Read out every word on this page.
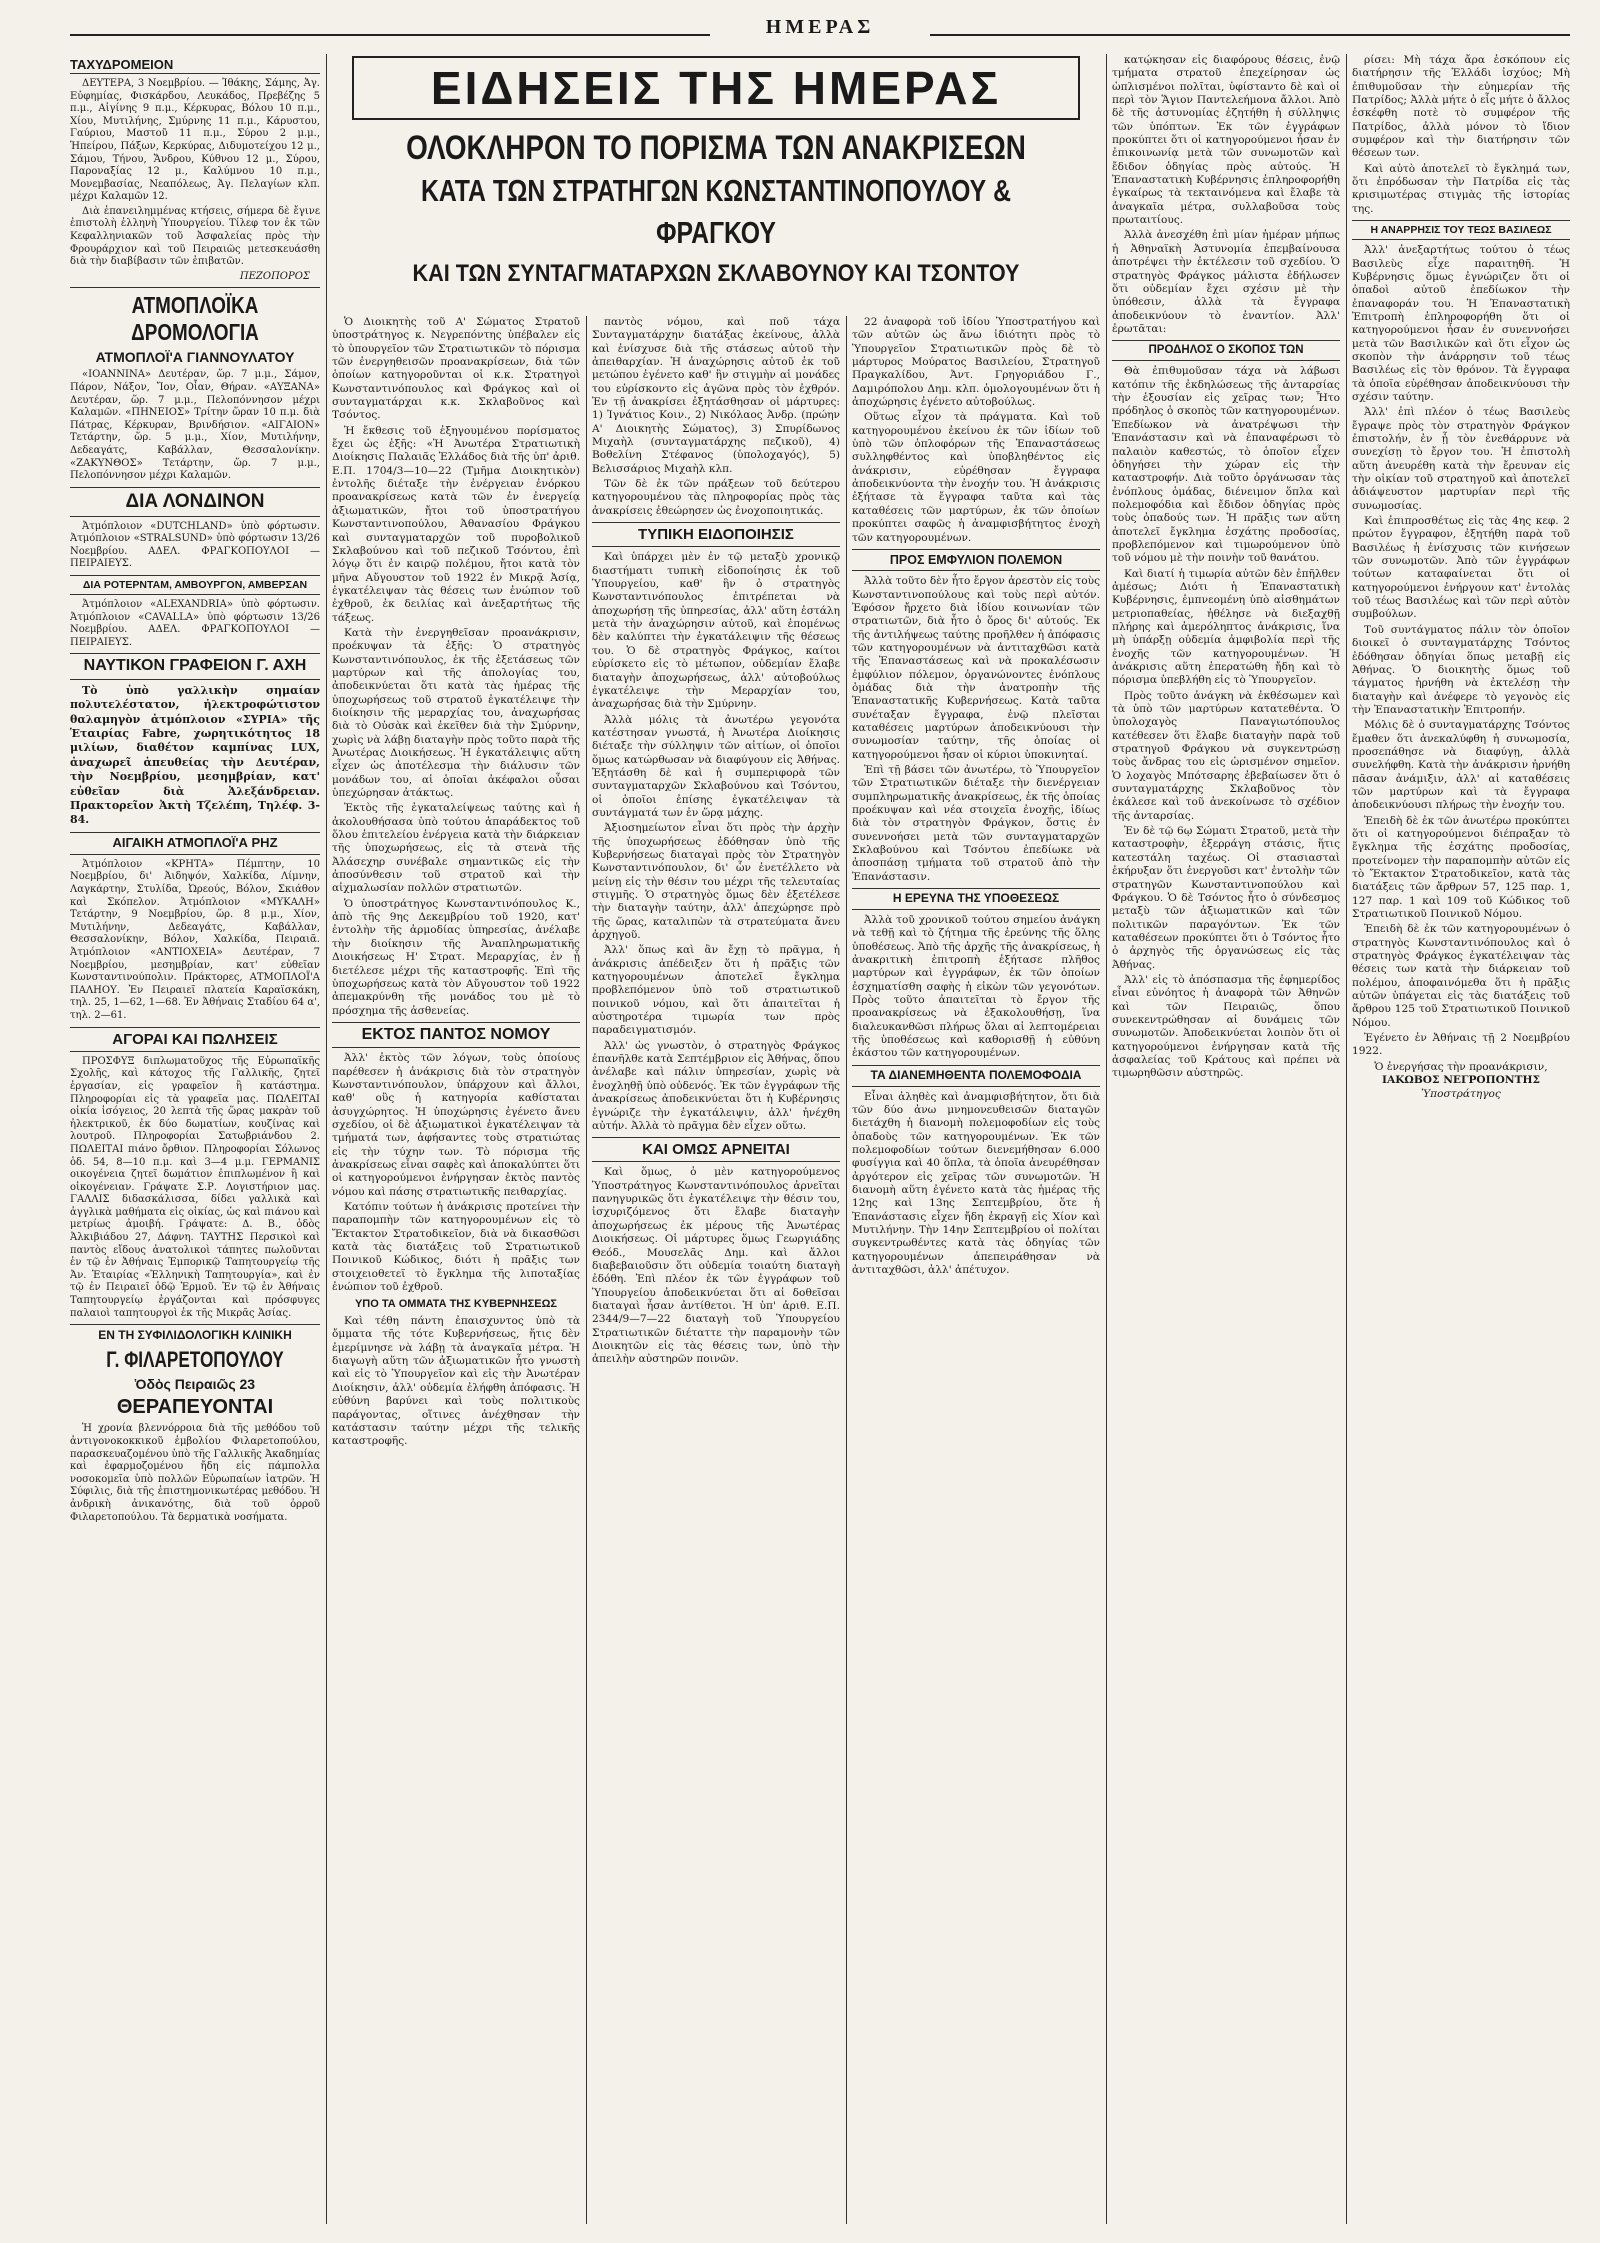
ΗΜΕΡΑΣ
ΤΑΧΥΔΡΟΜΕΙΟΝ

ΔΕΥΤΕΡΑ, 3 Νοεμβρίου. — Ἰθάκης, Σάμης, Ἀγ. Εὐφημίας, Φισκάρδου, Λευκάδος, Πρεβέζης 5 π.μ., Αἰγίνης 9 π.μ., Κέρκυρας, Βόλου 10 π.μ., Χίου, Μυτιλήνης, Σμύρνης 11 π.μ., Κάρυστου, Γαύριου, Μαστοῦ 11 π.μ., Σύρου 2 μ.μ., Ἠπείρου, Πάξων, Κερκύρας, Διδυμοτείχου 12 μ., Σάμου, Τήνου, Ἄνδρου, Κύθνου 12 μ., Σύρου, Παροναξίας 12 μ., Καλύμνου 10 π.μ., Μονεμβασίας, Νεαπόλεως, Ἀγ. Πελαγίων κλπ. μέχρι Καλαμῶν 12.

Διὰ ἐπανειλημμένας κτήσεις, σήμερα δὲ ἔγινε ἐπιστολὴ ἑλληνὴ Ὑπουργείου. Τίλεφ τον ἐκ τῶν Κεφαλληνιακῶν τοῦ Ἀσφαλείας πρὸς τὴν Φρουράρχιον καὶ τοῦ Πειραιῶς μετεσκευάσθη διὰ τὴν διαβίβασιν τῶν ἐπιβατῶν.

ΠΕΖΟΠΟΡΟΣ
ΑΤΜΟΠΛΟΪΚΑ ΔΡΟΜΟΛΟΓΙΑ
ΑΤΜΟΠΛΟΪ'Α ΓΙΑΝΝΟΥΛΑΤΟΥ

«ΙΟΑΝΝΙΝΑ» Δευτέραν, ὥρ. 7 μ.μ., Σάμον, Πάρον, Νάξον, Ἴον, Οἶαν, Θήραν. «ΑΥΞΑΝΑ» Δευτέραν, ὥρ. 7 μ.μ., Πελοπόννησον μέχρι Καλαμῶν. «ΠΗΝΕΙΟΣ» Τρίτην ὥραν 10 π.μ. διὰ Πάτρας, Κέρκυραν, Βρινδήσιον. «ΑΙΓΑΙΟΝ» Τετάρτην, ὥρ. 5 μ.μ., Χίον, Μυτιλήνην, Δεδεαγάτς, Καβάλλαν, Θεσσαλονίκην. «ΖΑΚΥΝΘΟΣ» Τετάρτην, ὥρ. 7 μ.μ., Πελοπόννησον μέχρι Καλαμῶν.

ΔΙΑ ΛΟΝΔΙΝΟΝ

Ἀτμόπλοιον «DUTCHLAND» ὑπὸ φόρτωσιν. Ἀτμόπλοιον «STRALSUND» ὑπὸ φόρτωσιν 13/26 Νοεμβρίου. ΑΔΕΛ. ΦΡΑΓΚΟΠΟΥΛΟΙ — ΠΕΙΡΑΙΕΥΣ.

ΔΙΑ ΡΟΤΕΡΝΤΑΜ, ΑΜΒΟΥΡΓΟΝ, ΑΜΒΕΡΣΑΝ

Ἀτμόπλοιον «ALEXANDRIA» ὑπὸ φόρτωσιν. Ἀτμόπλοιον «CAVALLA» ὑπὸ φόρτωσιν 13/26 Νοεμβρίου. ΑΔΕΛ. ΦΡΑΓΚΟΠΟΥΛΟΙ — ΠΕΙΡΑΙΕΥΣ.

ΝΑΥΤΙΚΟΝ ΓΡΑΦΕΙΟΝ Γ. ΑΧΗ

Τὸ ὑπὸ γαλλικὴν σημαίαν πολυτελέστατον, ἠλεκτροφώτιστον θαλαμηγὸν ἀτμόπλοιον «ΣΥΡΙΑ» τῆς Ἑταιρίας Fabre, χωρητικότητος 18 μιλίων, διαθέτον καμπίνας LUX, ἀναχωρεῖ ἀπευθείας τὴν Δευτέραν, τὴν Νοεμβρίου, μεσημβρίαν, κατ' εὐθεῖαν διὰ Ἀλεξάνδρειαν. Πρακτορεῖον Ἀκτὴ Τζελέπη, Τηλέφ. 3-84.

ΑΙΓΑΙΚΗ ΑΤΜΟΠΛΟΪ'Α ΡΗΖ

Ἀτμόπλοιον «ΚΡΗΤΑ» Πέμπτην, 10 Νοεμβρίου, δι' Ἀιδηψόν, Χαλκίδα, Λίμνην, Λαγκάρτην, Στυλίδα, Ὠρεούς, Βόλον, Σκιάθον καὶ Σκόπελον. Ἀτμόπλοιον «ΜΥΚΑΛΗ» Τετάρτην, 9 Νοεμβρίου, ὥρ. 8 μ.μ., Χίον, Μυτιλήνην, Δεδεαγάτς, Καβάλλαν, Θεσσαλονίκην, Βόλον, Χαλκίδα, Πειραιᾶ. Ἀτμόπλοιον «ΑΝΤΙΟΧΕΙΑ» Δευτέραν, 7 Νοεμβρίου, μεσημβρίαν, κατ' εὐθεῖαν Κωνσταντινούπολιν. Πράκτορες, ΑΤΜΟΠΛΟΪ'Α ΠΑΛΗΟΥ. Ἐν Πειραιεῖ πλατεία Καραϊσκάκη, τηλ. 25, 1—62, 1—68. Ἐν Ἀθήναις Σταδίου 64 α', τηλ. 2—61.

ΑΓΟΡΑΙ ΚΑΙ ΠΩΛΗΣΕΙΣ

ΠΡΟΣΦΥΞ διπλωματοῦχος τῆς Εὐρωπαϊκῆς Σχολῆς, καὶ κάτοχος τῆς Γαλλικῆς, ζητεῖ ἐργασίαν, εἰς γραφεῖον ἢ κατάστημα. Πληροφορίαι εἰς τὰ γραφεῖα μας. ΠΩΛΕΙΤΑΙ οἰκία ἰσόγειος, 20 λεπτὰ τῆς ὥρας μακρὰν τοῦ ἠλεκτρικοῦ, ἐκ δύο δωματίων, κουζίνας καὶ λουτροῦ. Πληροφορίαι Σατωβριάνδου 2. ΠΩΛΕΙΤΑΙ πιάνο ὄρθιον. Πληροφορίαι Σόλωνος ὁδ. 54, 8—10 π.μ. καὶ 3—4 μ.μ. ΓΕΡΜΑΝΙΣ οικογένεια ζητεῖ δωμάτιον ἐπιπλωμένον ἢ καὶ οἰκογένειαν. Γράψατε Σ.Ρ. Λογιστήριον μας. ΓΑΛΛΙΣ διδασκάλισσα, δίδει γαλλικὰ καὶ ἀγγλικὰ μαθήματα εἰς οἰκίας, ὡς καὶ πιάνου καὶ μετρίως ἀμοιβή. Γράψατε: Δ. Β., ὁδὸς Ἀλκιβιάδου 27, Δάφνη. ΤΑΥΤΗΣ Περσικοὶ καὶ παντὸς εἴδους ἀνατολικοὶ τάπητες πωλοῦνται ἐν τῷ ἐν Ἀθήναις Ἐμπορικῷ Ταπητουργείῳ τῆς Ἀν. Ἑταιρίας «Ἑλληνικὴ Ταπητουργία», καὶ ἐν τῷ ἐν Πειραιεῖ ὁδῷ Ἐρμοῦ. Ἐν τῷ ἐν Ἀθήναις Ταπητουργείῳ ἐργάζονται καὶ πρόσφυγες παλαιοὶ ταπητουργοὶ ἐκ τῆς Μικρᾶς Ἀσίας.

ΕΝ ΤΗ ΣΥΦΙΛΙΔΟΛΟΓΙΚΗ ΚΛΙΝΙΚΗ
Γ. ΦΙΛΑΡΕΤΟΠΟΥΛΟΥ
Ὁδὸς Πειραιῶς 23
ΘΕΡΑΠΕΥΟΝΤΑΙ

Ἡ χρονία βλεννόρροια διὰ τῆς μεθόδου τοῦ ἀντιγονοκοκκικοῦ ἐμβολίου Φιλαρετοπούλου, παρασκευαζομένου ὑπὸ τῆς Γαλλικῆς Ἀκαδημίας καὶ ἐφαρμοζομένου ἤδη εἰς πάμπολλα νοσοκομεῖα ὑπὸ πολλῶν Εὐρωπαίων ἰατρῶν. Ἡ Σύφιλις, διὰ τῆς ἐπιστημονικωτέρας μεθόδου. Ἡ ἀνδρικὴ ἀνικανότης, διὰ τοῦ ὀρροῦ Φιλαρετοπούλου. Τὰ δερματικὰ νοσήματα.

ΕΙΔΗΣΕΙΣ ΤΗΣ ΗΜΕΡΑΣ
ΟΛΟΚΛΗΡΟΝ ΤΟ ΠΟΡΙΣΜΑ ΤΩΝ ΑΝΑΚΡΙΣΕΩΝ
ΚΑΤΑ ΤΩΝ ΣΤΡΑΤΗΓΩΝ ΚΩΝΣΤΑΝΤΙΝΟΠΟΥΛΟΥ & ΦΡΑΓΚΟΥ
ΚΑΙ ΤΩΝ ΣΥΝΤΑΓΜΑΤΑΡΧΩΝ ΣΚΛΑΒΟΥΝΟΥ ΚΑΙ ΤΣΟΝΤΟΥ

Ὁ Διοικητὴς τοῦ Α' Σώματος Στρατοῦ ὑποστράτηγος κ. Νεγρεπόντης ὑπέβαλεν εἰς τὸ ὑπουργεῖον τῶν Στρατιωτικῶν τὸ πόρισμα τῶν ἐνεργηθεισῶν προανακρίσεων, διὰ τῶν ὁποίων κατηγοροῦνται οἱ κ.κ. Στρατηγοὶ Κωνσταντινόπουλος καὶ Φράγκος καὶ οἱ συνταγματάρχαι κ.κ. Σκλαβοῦνος καὶ Τσόντος.

Ἡ ἔκθεσις τοῦ ἐξηγουμένου πορίσματος ἔχει ὡς ἑξῆς: «Ἡ Ἀνωτέρα Στρατιωτικὴ Διοίκησις Παλαιᾶς Ἑλλάδος διὰ τῆς ὑπ' ἀριθ. Ε.Π. 1704/3—10—22 (Τμῆμα Διοικητικὸν) ἐντολῆς διέταξε τὴν ἐνέργειαν ἐνόρκου προανακρίσεως κατὰ τῶν ἐν ἐνεργείᾳ ἀξιωματικῶν, ἤτοι τοῦ ὑποστρατήγου Κωνσταντινοπούλου, Ἀθανασίου Φράγκου καὶ συνταγματαρχῶν τοῦ πυροβολικοῦ Σκλαβούνου καὶ τοῦ πεζικοῦ Τσόντου, ἐπὶ λόγῳ ὅτι ἐν καιρῷ πολέμου, ἤτοι κατὰ τὸν μῆνα Αὔγουστον τοῦ 1922 ἐν Μικρᾷ Ἀσίᾳ, ἐγκατέλειψαν τὰς θέσεις των ἐνώπιον τοῦ ἐχθροῦ, ἐκ δειλίας καὶ ἀνεξαρτήτως τῆς τάξεως.

Κατὰ τὴν ἐνεργηθεῖσαν προανάκρισιν, προέκυψαν τὰ ἑξῆς: Ὁ στρατηγὸς Κωνσταντινόπουλος, ἐκ τῆς ἐξετάσεως τῶν μαρτύρων καὶ τῆς ἀπολογίας του, ἀποδεικνύεται ὅτι κατὰ τὰς ἡμέρας τῆς ὑποχωρήσεως τοῦ στρατοῦ ἐγκατέλειψε τὴν διοίκησιν τῆς μεραρχίας του, ἀναχωρήσας διὰ τὸ Οὐσὰκ καὶ ἐκεῖθεν διὰ τὴν Σμύρνην, χωρὶς νὰ λάβῃ διαταγὴν πρὸς τοῦτο παρὰ τῆς Ἀνωτέρας Διοικήσεως. Ἡ ἐγκατάλειψις αὕτη εἶχεν ὡς ἀποτέλεσμα τὴν διάλυσιν τῶν μονάδων του, αἱ ὁποῖαι ἀκέφαλοι οὖσαι ὑπεχώρησαν ἀτάκτως.

Ἐκτὸς τῆς ἐγκαταλείψεως ταύτης καὶ ἡ ἀκολουθήσασα ὑπὸ τούτου ἀπαράδεκτος τοῦ ὅλου ἐπιτελείου ἐνέργεια κατὰ τὴν διάρκειαν τῆς ὑποχωρήσεως, εἰς τὰ στενὰ τῆς Ἀλάσεχηρ συνέβαλε σημαντικῶς εἰς τὴν ἀποσύνθεσιν τοῦ στρατοῦ καὶ τὴν αἰχμαλωσίαν πολλῶν στρατιωτῶν.

Ὁ ὑποστράτηγος Κωνσταντινόπουλος Κ., ἀπὸ τῆς 9ης Δεκεμβρίου τοῦ 1920, κατ' ἐντολὴν τῆς ἀρμοδίας ὑπηρεσίας, ἀνέλαβε τὴν διοίκησιν τῆς Ἀναπληρωματικῆς Διοικήσεως Η' Στρατ. Μεραρχίας, ἐν ᾗ διετέλεσε μέχρι τῆς καταστροφῆς. Ἐπὶ τῆς ὑποχωρήσεως κατὰ τὸν Αὔγουστον τοῦ 1922 ἀπεμακρύνθη τῆς μονάδος του μὲ τὸ πρόσχημα τῆς ἀσθενείας.

ΕΚΤΟΣ ΠΑΝΤΟΣ ΝΟΜΟΥ

Ἀλλ' ἐκτὸς τῶν λόγων, τοὺς ὁποίους παρέθεσεν ἡ ἀνάκρισις διὰ τὸν στρατηγὸν Κωνσταντινόπουλον, ὑπάρχουν καὶ ἄλλοι, καθ' οὓς ἡ κατηγορία καθίσταται ἀσυγχώρητος. Ἡ ὑποχώρησις ἐγένετο ἄνευ σχεδίου, οἱ δὲ ἀξιωματικοὶ ἐγκατέλειψαν τὰ τμήματά των, ἀφήσαντες τοὺς στρατιώτας εἰς τὴν τύχην των. Τὸ πόρισμα τῆς ἀνακρίσεως εἶναι σαφὲς καὶ ἀποκαλύπτει ὅτι οἱ κατηγορούμενοι ἐνήργησαν ἐκτὸς παντὸς νόμου καὶ πάσης στρατιωτικῆς πειθαρχίας.

Κατόπιν τούτων ἡ ἀνάκρισις προτείνει τὴν παραπομπὴν τῶν κατηγορουμένων εἰς τὸ Ἔκτακτον Στρατοδικεῖον, διὰ νὰ δικασθῶσι κατὰ τὰς διατάξεις τοῦ Στρατιωτικοῦ Ποινικοῦ Κώδικος, διότι ἡ πρᾶξις των στοιχειοθετεῖ τὸ ἔγκλημα τῆς λιποταξίας ἐνώπιον τοῦ ἐχθροῦ.

ΥΠΟ ΤΑ ΟΜΜΑΤΑ ΤΗΣ ΚΥΒΕΡΝΗΣΕΩΣ

Καὶ τέθη πάντη ἐπαισχυντος ὑπὸ τὰ ὄμματα τῆς τότε Κυβερνήσεως, ἥτις δὲν ἐμερίμνησε νὰ λάβῃ τὰ ἀναγκαῖα μέτρα. Ἡ διαγωγὴ αὕτη τῶν ἀξιωματικῶν ἦτο γνωστὴ καὶ εἰς τὸ Ὑπουργεῖον καὶ εἰς τὴν Ἀνωτέραν Διοίκησιν, ἀλλ' οὐδεμία ἐλήφθη ἀπόφασις. Ἡ εὐθύνη βαρύνει καὶ τοὺς πολιτικοὺς παράγοντας, οἵτινες ἀνέχθησαν τὴν κατάστασιν ταύτην μέχρι τῆς τελικῆς καταστροφῆς.

παντὸς νόμου, καὶ ποῦ τάχα Συνταγματάρχην διατάξας ἐκείνους, ἀλλὰ καὶ ἐνίσχυσε διὰ τῆς στάσεως αὐτοῦ τὴν ἀπειθαρχίαν. Ἡ ἀναχώρησις αὐτοῦ ἐκ τοῦ μετώπου ἐγένετο καθ' ἣν στιγμὴν αἱ μονάδες του εὑρίσκοντο εἰς ἀγῶνα πρὸς τὸν ἐχθρόν. Ἐν τῇ ἀνακρίσει ἐξητάσθησαν οἱ μάρτυρες: 1) Ἰγνάτιος Κοιν., 2) Νικόλαος Ἀνδρ. (πρώην Α' Διοικητὴς Σώματος), 3) Σπυρίδωνος Μιχαὴλ (συνταγματάρχης πεζικοῦ), 4) Βοθελίνη Στέφανος (ὑπολοχαγός), 5) Βελισσάριος Μιχαὴλ κλπ.

Τῶν δὲ ἐκ τῶν πράξεων τοῦ δεύτερου κατηγορουμένου τὰς πληροφορίας πρὸς τὰς ἀνακρίσεις ἐθεώρησεν ὡς ἐνοχοποιητικάς.

ΤΥΠΙΚΗ ΕΙΔΟΠΟΙΗΣΙΣ

Καὶ ὑπάρχει μὲν ἐν τῷ μεταξὺ χρονικῷ διαστήματι τυπικὴ εἰδοποίησις ἐκ τοῦ Ὑπουργείου, καθ' ἣν ὁ στρατηγὸς Κωνσταντινόπουλος ἐπιτρέπεται νὰ ἀποχωρήσῃ τῆς ὑπηρεσίας, ἀλλ' αὕτη ἐστάλη μετὰ τὴν ἀναχώρησιν αὐτοῦ, καὶ ἑπομένως δὲν καλύπτει τὴν ἐγκατάλειψιν τῆς θέσεως του. Ὁ δὲ στρατηγὸς Φράγκος, καίτοι εὑρίσκετο εἰς τὸ μέτωπον, οὐδεμίαν ἔλαβε διαταγὴν ἀποχωρήσεως, ἀλλ' αὐτοβούλως ἐγκατέλειψε τὴν Μεραρχίαν του, ἀναχωρήσας διὰ τὴν Σμύρνην.

Ἀλλὰ μόλις τὰ ἀνωτέρω γεγονότα κατέστησαν γνωστά, ἡ Ἀνωτέρα Διοίκησις διέταξε τὴν σύλληψιν τῶν αἰτίων, οἱ ὁποῖοι ὅμως κατώρθωσαν νὰ διαφύγουν εἰς Ἀθήνας. Ἐξητάσθη δὲ καὶ ἡ συμπεριφορὰ τῶν συνταγματαρχῶν Σκλαβούνου καὶ Τσόντου, οἱ ὁποῖοι ἐπίσης ἐγκατέλειψαν τὰ συντάγματά των ἐν ὥρᾳ μάχης.

Ἀξιοσημείωτον εἶναι ὅτι πρὸς τὴν ἀρχὴν τῆς ὑποχωρήσεως ἐδόθησαν ὑπὸ τῆς Κυβερνήσεως διαταγαὶ πρὸς τὸν Στρατηγὸν Κωνσταντινόπουλον, δι' ὧν ἐνετέλλετο νὰ μείνῃ εἰς τὴν θέσιν του μέχρι τῆς τελευταίας στιγμῆς. Ὁ στρατηγὸς ὅμως δὲν ἐξετέλεσε τὴν διαταγὴν ταύτην, ἀλλ' ἀπεχώρησε πρὸ τῆς ὥρας, καταλιπὼν τὰ στρατεύματα ἄνευ ἀρχηγοῦ.

Ἀλλ' ὅπως καὶ ἂν ἔχῃ τὸ πρᾶγμα, ἡ ἀνάκρισις ἀπέδειξεν ὅτι ἡ πρᾶξις τῶν κατηγορουμένων ἀποτελεῖ ἔγκλημα προβλεπόμενον ὑπὸ τοῦ στρατιωτικοῦ ποινικοῦ νόμου, καὶ ὅτι ἀπαιτεῖται ἡ αὐστηροτέρα τιμωρία των πρὸς παραδειγματισμόν.

Ἀλλ' ὡς γνωστὸν, ὁ στρατηγὸς Φράγκος ἐπανῆλθε κατὰ Σεπτέμβριον εἰς Ἀθήνας, ὅπου ἀνέλαβε καὶ πάλιν ὑπηρεσίαν, χωρὶς νὰ ἐνοχληθῇ ὑπὸ οὐδενός. Ἐκ τῶν ἐγγράφων τῆς ἀνακρίσεως ἀποδεικνύεται ὅτι ἡ Κυβέρνησις ἐγνώριζε τὴν ἐγκατάλειψιν, ἀλλ' ἠνέχθη αὐτήν. Ἀλλὰ τὸ πρᾶγμα δὲν εἶχεν οὕτω.

ΚΑΙ ΟΜΩΣ ΑΡΝΕΙΤΑΙ

Καὶ ὅμως, ὁ μὲν κατηγορούμενος Ὑποστράτηγος Κωνσταντινόπουλος ἀρνεῖται πανηγυρικῶς ὅτι ἐγκατέλειψε τὴν θέσιν του, ἰσχυριζόμενος ὅτι ἔλαβε διαταγὴν ἀποχωρήσεως ἐκ μέρους τῆς Ἀνωτέρας Διοικήσεως. Οἱ μάρτυρες ὅμως Γεωργιάδης Θεόδ., Μουσελᾶς Δημ. καὶ ἄλλοι διαβεβαιοῦσιν ὅτι οὐδεμία τοιαύτη διαταγὴ ἐδόθη. Ἐπὶ πλέον ἐκ τῶν ἐγγράφων τοῦ Ὑπουργείου ἀποδεικνύεται ὅτι αἱ δοθεῖσαι διαταγαὶ ἦσαν ἀντίθετοι. Ἡ ὑπ' ἀριθ. Ε.Π. 2344/9—7—22 διαταγὴ τοῦ Ὑπουργείου Στρατιωτικῶν διέταττε τὴν παραμονὴν τῶν Διοικητῶν εἰς τὰς θέσεις των, ὑπὸ τὴν ἀπειλὴν αὐστηρῶν ποινῶν.

22 ἀναφορὰ τοῦ ἰδίου Ὑποστρατήγου καὶ τῶν αὐτῶν ὡς ἄνω ἰδιότητι πρὸς τὸ Ὑπουργεῖον Στρατιωτικῶν πρὸς δὲ τὸ μάρτυρος Μούρατος Βασιλείου, Στρατηγοῦ Πραγκαλίδου, Ἀντ. Γρηγοριάδου Γ., Δαμιρόπολου Δημ. κλπ. ὁμολογουμένων ὅτι ἡ ἀποχώρησις ἐγένετο αὐτοβούλως.

Οὕτως εἶχον τὰ πράγματα. Καὶ τοῦ κατηγορουμένου ἐκείνου ἐκ τῶν ἰδίων τοῦ ὑπὸ τῶν ὁπλοφόρων τῆς Ἐπαναστάσεως συλληφθέντος καὶ ὑποβληθέντος εἰς ἀνάκρισιν, εὑρέθησαν ἔγγραφα ἀποδεικνύοντα τὴν ἐνοχήν του. Ἡ ἀνάκρισις ἐξήτασε τὰ ἔγγραφα ταῦτα καὶ τὰς καταθέσεις τῶν μαρτύρων, ἐκ τῶν ὁποίων προκύπτει σαφῶς ἡ ἀναμφισβήτητος ἐνοχὴ τῶν κατηγορουμένων.

ΠΡΟΣ ΕΜΦΥΛΙΟΝ ΠΟΛΕΜΟΝ

Ἀλλὰ τοῦτο δὲν ἦτο ἔργον ἀρεστὸν εἰς τοὺς Κωνσταντινοπούλους καὶ τοὺς περὶ αὐτόν. Ἐφόσον ἤρχετο διὰ ἰδίου κοινωνίαν τῶν στρατιωτῶν, διὰ ἦτο ὁ ὅρος δι' αὐτούς. Ἐκ τῆς ἀντιλήψεως ταύτης προῆλθεν ἡ ἀπόφασις τῶν κατηγορουμένων νὰ ἀντιταχθῶσι κατὰ τῆς Ἐπαναστάσεως καὶ νὰ προκαλέσωσιν ἐμφύλιον πόλεμον, ὀργανώνοντες ἐνόπλους ὁμάδας διὰ τὴν ἀνατροπὴν τῆς Ἐπαναστατικῆς Κυβερνήσεως. Κατὰ ταῦτα συνέταξαν ἔγγραφα, ἐνῷ πλεῖσται καταθέσεις μαρτύρων ἀποδεικνύουσι τὴν συνωμοσίαν ταύτην, τῆς ὁποίας οἱ κατηγορούμενοι ἦσαν οἱ κύριοι ὑποκινηταί.

Ἐπὶ τῇ βάσει τῶν ἀνωτέρω, τὸ Ὑπουργεῖον τῶν Στρατιωτικῶν διέταξε τὴν διενέργειαν συμπληρωματικῆς ἀνακρίσεως, ἐκ τῆς ὁποίας προέκυψαν καὶ νέα στοιχεῖα ἐνοχῆς, ἰδίως διὰ τὸν στρατηγὸν Φράγκον, ὅστις ἐν συνεννοήσει μετὰ τῶν συνταγματαρχῶν Σκλαβούνου καὶ Τσόντου ἐπεδίωκε νὰ ἀποσπάσῃ τμήματα τοῦ στρατοῦ ἀπὸ τὴν Ἐπανάστασιν.

Η ΕΡΕΥΝΑ ΤΗΣ ΥΠΟΘΕΣΕΩΣ

Ἀλλὰ τοῦ χρονικοῦ τούτου σημείου ἀνάγκη νὰ τεθῇ καὶ τὸ ζήτημα τῆς ἐρεύνης τῆς ὅλης ὑποθέσεως. Ἀπὸ τῆς ἀρχῆς τῆς ἀνακρίσεως, ἡ ἀνακριτικὴ ἐπιτροπὴ ἐξήτασε πλῆθος μαρτύρων καὶ ἐγγράφων, ἐκ τῶν ὁποίων ἐσχηματίσθη σαφὴς ἡ εἰκὼν τῶν γεγονότων. Πρὸς τοῦτο ἀπαιτεῖται τὸ ἔργον τῆς προανακρίσεως νὰ ἐξακολουθήσῃ, ἵνα διαλευκανθῶσι πλήρως ὅλαι αἱ λεπτομέρειαι τῆς ὑποθέσεως καὶ καθορισθῇ ἡ εὐθύνη ἑκάστου τῶν κατηγορουμένων.

ΤΑ ΔΙΑΝΕΜΗΘΕΝΤΑ ΠΟΛΕΜΟΦΟΔΙΑ

Εἶναι ἀληθὲς καὶ ἀναμφισβήτητον, ὅτι διὰ τῶν δύο ἀνω μνημονευθεισῶν διαταγῶν διετάχθη ἡ διανομὴ πολεμοφοδίων εἰς τοὺς ὀπαδοὺς τῶν κατηγορουμένων. Ἐκ τῶν πολεμοφοδίων τούτων διενεμήθησαν 6.000 φυσίγγια καὶ 40 ὅπλα, τὰ ὁποῖα ἀνευρέθησαν ἀργότερον εἰς χεῖρας τῶν συνωμοτῶν. Ἡ διανομὴ αὕτη ἐγένετο κατὰ τὰς ἡμέρας τῆς 12ης καὶ 13ης Σεπτεμβρίου, ὅτε ἡ Ἐπανάστασις εἶχεν ἤδη ἐκραγῇ εἰς Χίον καὶ Μυτιλήνην. Τὴν 14ην Σεπτεμβρίου οἱ πολίται συγκεντρωθέντες κατὰ τὰς ὁδηγίας τῶν κατηγορουμένων ἀπεπειράθησαν νὰ ἀντιταχθῶσι, ἀλλ' ἀπέτυχον.

κατῴκησαν εἰς διαφόρους θέσεις, ἐνῷ τμήματα στρατοῦ ἐπεχείρησαν ὡς ὡπλισμένοι πολῖται, ὑφίσταντο δὲ καὶ οἱ περὶ τὸν Ἅγιον Παντελεήμονα ἄλλοι. Ἀπὸ δὲ τῆς ἀστυνομίας ἐζητήθη ἡ σύλληψις τῶν ὑπόπτων. Ἐκ τῶν ἐγγράφων προκύπτει ὅτι οἱ κατηγορούμενοι ἦσαν ἐν ἐπικοινωνίᾳ μετὰ τῶν συνωμοτῶν καὶ ἔδιδον ὁδηγίας πρὸς αὐτούς. Ἡ Ἐπαναστατικὴ Κυβέρνησις ἐπληροφορήθη ἐγκαίρως τὰ τεκταινόμενα καὶ ἔλαβε τὰ ἀναγκαῖα μέτρα, συλλαβοῦσα τοὺς πρωταιτίους.

Ἀλλὰ ἀνεσχέθη ἐπὶ μίαν ἡμέραν μήπως ἡ Ἀθηναϊκὴ Ἀστυνομία ἐπεμβαίνουσα ἀποτρέψει τὴν ἐκτέλεσιν τοῦ σχεδίου. Ὁ στρατηγὸς Φράγκος μάλιστα ἐδήλωσεν ὅτι οὐδεμίαν ἔχει σχέσιν μὲ τὴν ὑπόθεσιν, ἀλλὰ τὰ ἔγγραφα ἀποδεικνύουν τὸ ἐναντίον. Ἀλλ' ἐρωτᾶται:

ΠΡΟΔΗΛΟΣ Ο ΣΚΟΠΟΣ ΤΩΝ

Θὰ ἐπιθυμοῦσαν τάχα νὰ λάβωσι κατόπιν τῆς ἐκδηλώσεως τῆς ἀνταρσίας τὴν ἐξουσίαν εἰς χεῖρας των; Ἦτο πρόδηλος ὁ σκοπὸς τῶν κατηγορουμένων. Ἐπεδίωκον νὰ ἀνατρέψωσι τὴν Ἐπανάστασιν καὶ νὰ ἐπαναφέρωσι τὸ παλαιὸν καθεστώς, τὸ ὁποῖον εἶχεν ὁδηγήσει τὴν χώραν εἰς τὴν καταστροφήν. Διὰ τοῦτο ὀργάνωσαν τὰς ἐνόπλους ὁμάδας, διένειμον ὅπλα καὶ πολεμοφόδια καὶ ἔδιδον ὁδηγίας πρὸς τοὺς ὀπαδούς των. Ἡ πρᾶξις των αὕτη ἀποτελεῖ ἔγκλημα ἐσχάτης προδοσίας, προβλεπόμενον καὶ τιμωρούμενον ὑπὸ τοῦ νόμου μὲ τὴν ποινὴν τοῦ θανάτου.

Καὶ διατί ἡ τιμωρία αὐτῶν δὲν ἐπῆλθεν ἀμέσως; Διότι ἡ Ἐπαναστατικὴ Κυβέρνησις, ἐμπνεομένη ὑπὸ αἰσθημάτων μετριοπαθείας, ἠθέλησε νὰ διεξαχθῇ πλήρης καὶ ἀμερόληπτος ἀνάκρισις, ἵνα μὴ ὑπάρξῃ οὐδεμία ἀμφιβολία περὶ τῆς ἐνοχῆς τῶν κατηγορουμένων. Ἡ ἀνάκρισις αὕτη ἐπερατώθη ἤδη καὶ τὸ πόρισμα ὑπεβλήθη εἰς τὸ Ὑπουργεῖον.

Πρὸς τοῦτο ἀνάγκη νὰ ἐκθέσωμεν καὶ τὰ ὑπὸ τῶν μαρτύρων κατατεθέντα. Ὁ ὑπολοχαγὸς Παναγιωτόπουλος κατέθεσεν ὅτι ἔλαβε διαταγὴν παρὰ τοῦ στρατηγοῦ Φράγκου νὰ συγκεντρώσῃ τοὺς ἄνδρας του εἰς ὡρισμένον σημεῖον. Ὁ λοχαγὸς Μπότσαρης ἐβεβαίωσεν ὅτι ὁ συνταγματάρχης Σκλαβοῦνος τὸν ἐκάλεσε καὶ τοῦ ἀνεκοίνωσε τὸ σχέδιον τῆς ἀνταρσίας.

Ἐν δὲ τῷ 6ῳ Σώματι Στρατοῦ, μετὰ τὴν καταστροφὴν, ἐξερράγη στάσις, ἥτις κατεστάλη ταχέως. Οἱ στασιασταὶ ἐκήρυξαν ὅτι ἐνεργοῦσι κατ' ἐντολὴν τῶν στρατηγῶν Κωνσταντινοπούλου καὶ Φράγκου. Ὁ δὲ Τσόντος ἦτο ὁ σύνδεσμος μεταξὺ τῶν ἀξιωματικῶν καὶ τῶν πολιτικῶν παραγόντων. Ἐκ τῶν καταθέσεων προκύπτει ὅτι ὁ Τσόντος ἦτο ὁ ἀρχηγὸς τῆς ὀργανώσεως εἰς τὰς Ἀθήνας.

Ἀλλ' εἰς τὸ ἀπόσπασμα τῆς ἐφημερίδος εἶναι εὐνόητος ἡ ἀναφορὰ τῶν Ἀθηνῶν καὶ τῶν Πειραιῶς, ὅπου συνεκεντρώθησαν αἱ δυνάμεις τῶν συνωμοτῶν. Ἀποδεικνύεται λοιπὸν ὅτι οἱ κατηγορούμενοι ἐνήργησαν κατὰ τῆς ἀσφαλείας τοῦ Κράτους καὶ πρέπει νὰ τιμωρηθῶσιν αὐστηρῶς.

ρίσει: Μὴ τάχα ἄρα ἐσκόπουν εἰς διατήρησιν τῆς Ἑλλάδι ἰσχύος; Μὴ ἐπιθυμοῦσαν τὴν εὐημερίαν τῆς Πατρίδος; Ἀλλὰ μήτε ὁ εἷς μήτε ὁ ἄλλος ἐσκέφθη ποτὲ τὸ συμφέρον τῆς Πατρίδος, ἀλλὰ μόνον τὸ ἴδιον συμφέρον καὶ τὴν διατήρησιν τῶν θέσεων των.

Καὶ αὐτὸ ἀποτελεῖ τὸ ἔγκλημά των, ὅτι ἐπρόδωσαν τὴν Πατρίδα εἰς τὰς κρισιμωτέρας στιγμὰς τῆς ἱστορίας της.

Η ΑΝΑΡΡΗΣΙΣ ΤΟΥ ΤΕΩΣ ΒΑΣΙΛΕΩΣ

Ἀλλ' ἀνεξαρτήτως τούτου ὁ τέως Βασιλεὺς εἶχε παραιτηθῆ. Ἡ Κυβέρνησις ὅμως ἐγνώριζεν ὅτι οἱ ὀπαδοὶ αὐτοῦ ἐπεδίωκον τὴν ἐπαναφοράν του. Ἡ Ἐπαναστατικὴ Ἐπιτροπὴ ἐπληροφορήθη ὅτι οἱ κατηγορούμενοι ἦσαν ἐν συνεννοήσει μετὰ τῶν Βασιλικῶν καὶ ὅτι εἶχον ὡς σκοπὸν τὴν ἀνάρρησιν τοῦ τέως Βασιλέως εἰς τὸν θρόνον. Τὰ ἔγγραφα τὰ ὁποῖα εὑρέθησαν ἀποδεικνύουσι τὴν σχέσιν ταύτην.

Ἀλλ' ἐπὶ πλέον ὁ τέως Βασιλεὺς ἔγραψε πρὸς τὸν στρατηγὸν Φράγκον ἐπιστολήν, ἐν ᾗ τὸν ἐνεθάρρυνε νὰ συνεχίσῃ τὸ ἔργον του. Ἡ ἐπιστολὴ αὕτη ἀνευρέθη κατὰ τὴν ἔρευναν εἰς τὴν οἰκίαν τοῦ στρατηγοῦ καὶ ἀποτελεῖ ἀδιάψευστον μαρτυρίαν περὶ τῆς συνωμοσίας.

Καὶ ἐπιπροσθέτως εἰς τὰς 4ης κεφ. 2 πρώτον ἔγγραφον, ἐξητήθη παρὰ τοῦ Βασιλέως ἡ ἐνίσχυσις τῶν κινήσεων τῶν συνωμοτῶν. Ἀπὸ τῶν ἐγγράφων τούτων καταφαίνεται ὅτι οἱ κατηγορούμενοι ἐνήργουν κατ' ἐντολὰς τοῦ τέως Βασιλέως καὶ τῶν περὶ αὐτὸν συμβούλων.

Τοῦ συντάγματος πάλιν τὸν ὁποῖον διοικεῖ ὁ συνταγματάρχης Τσόντος ἐδόθησαν ὁδηγίαι ὅπως μεταβῇ εἰς Ἀθήνας. Ὁ διοικητὴς ὅμως τοῦ τάγματος ἠρνήθη νὰ ἐκτελέσῃ τὴν διαταγὴν καὶ ἀνέφερε τὸ γεγονὸς εἰς τὴν Ἐπαναστατικὴν Ἐπιτροπήν.

Μόλις δὲ ὁ συνταγματάρχης Τσόντος ἔμαθεν ὅτι ἀνεκαλύφθη ἡ συνωμοσία, προσεπάθησε νὰ διαφύγῃ, ἀλλὰ συνελήφθη. Κατὰ τὴν ἀνάκρισιν ἠρνήθη πᾶσαν ἀνάμιξιν, ἀλλ' αἱ καταθέσεις τῶν μαρτύρων καὶ τὰ ἔγγραφα ἀποδεικνύουσι πλήρως τὴν ἐνοχήν του.

Ἐπειδὴ δὲ ἐκ τῶν ἀνωτέρω προκύπτει ὅτι οἱ κατηγορούμενοι διέπραξαν τὸ ἔγκλημα τῆς ἐσχάτης προδοσίας, προτείνομεν τὴν παραπομπὴν αὐτῶν εἰς τὸ Ἔκτακτον Στρατοδικεῖον, κατὰ τὰς διατάξεις τῶν ἄρθρων 57, 125 παρ. 1, 127 παρ. 1 καὶ 109 τοῦ Κώδικος τοῦ Στρατιωτικοῦ Ποινικοῦ Νόμου.

Ἐπειδὴ δὲ ἐκ τῶν κατηγορουμένων ὁ στρατηγὸς Κωνσταντινόπουλος καὶ ὁ στρατηγὸς Φράγκος ἐγκατέλειψαν τὰς θέσεις των κατὰ τὴν διάρκειαν τοῦ πολέμου, ἀποφαινόμεθα ὅτι ἡ πρᾶξις αὐτῶν ὑπάγεται εἰς τὰς διατάξεις τοῦ ἄρθρου 125 τοῦ Στρατιωτικοῦ Ποινικοῦ Νόμου.

Ἐγένετο ἐν Ἀθήναις τῇ 2 Νοεμβρίου 1922.

Ὁ ἐνεργήσας τὴν προανάκρισιν,
ΙΑΚΩΒΟΣ ΝΕΓΡΟΠΟΝΤΗΣ
Ὑποστράτηγος
